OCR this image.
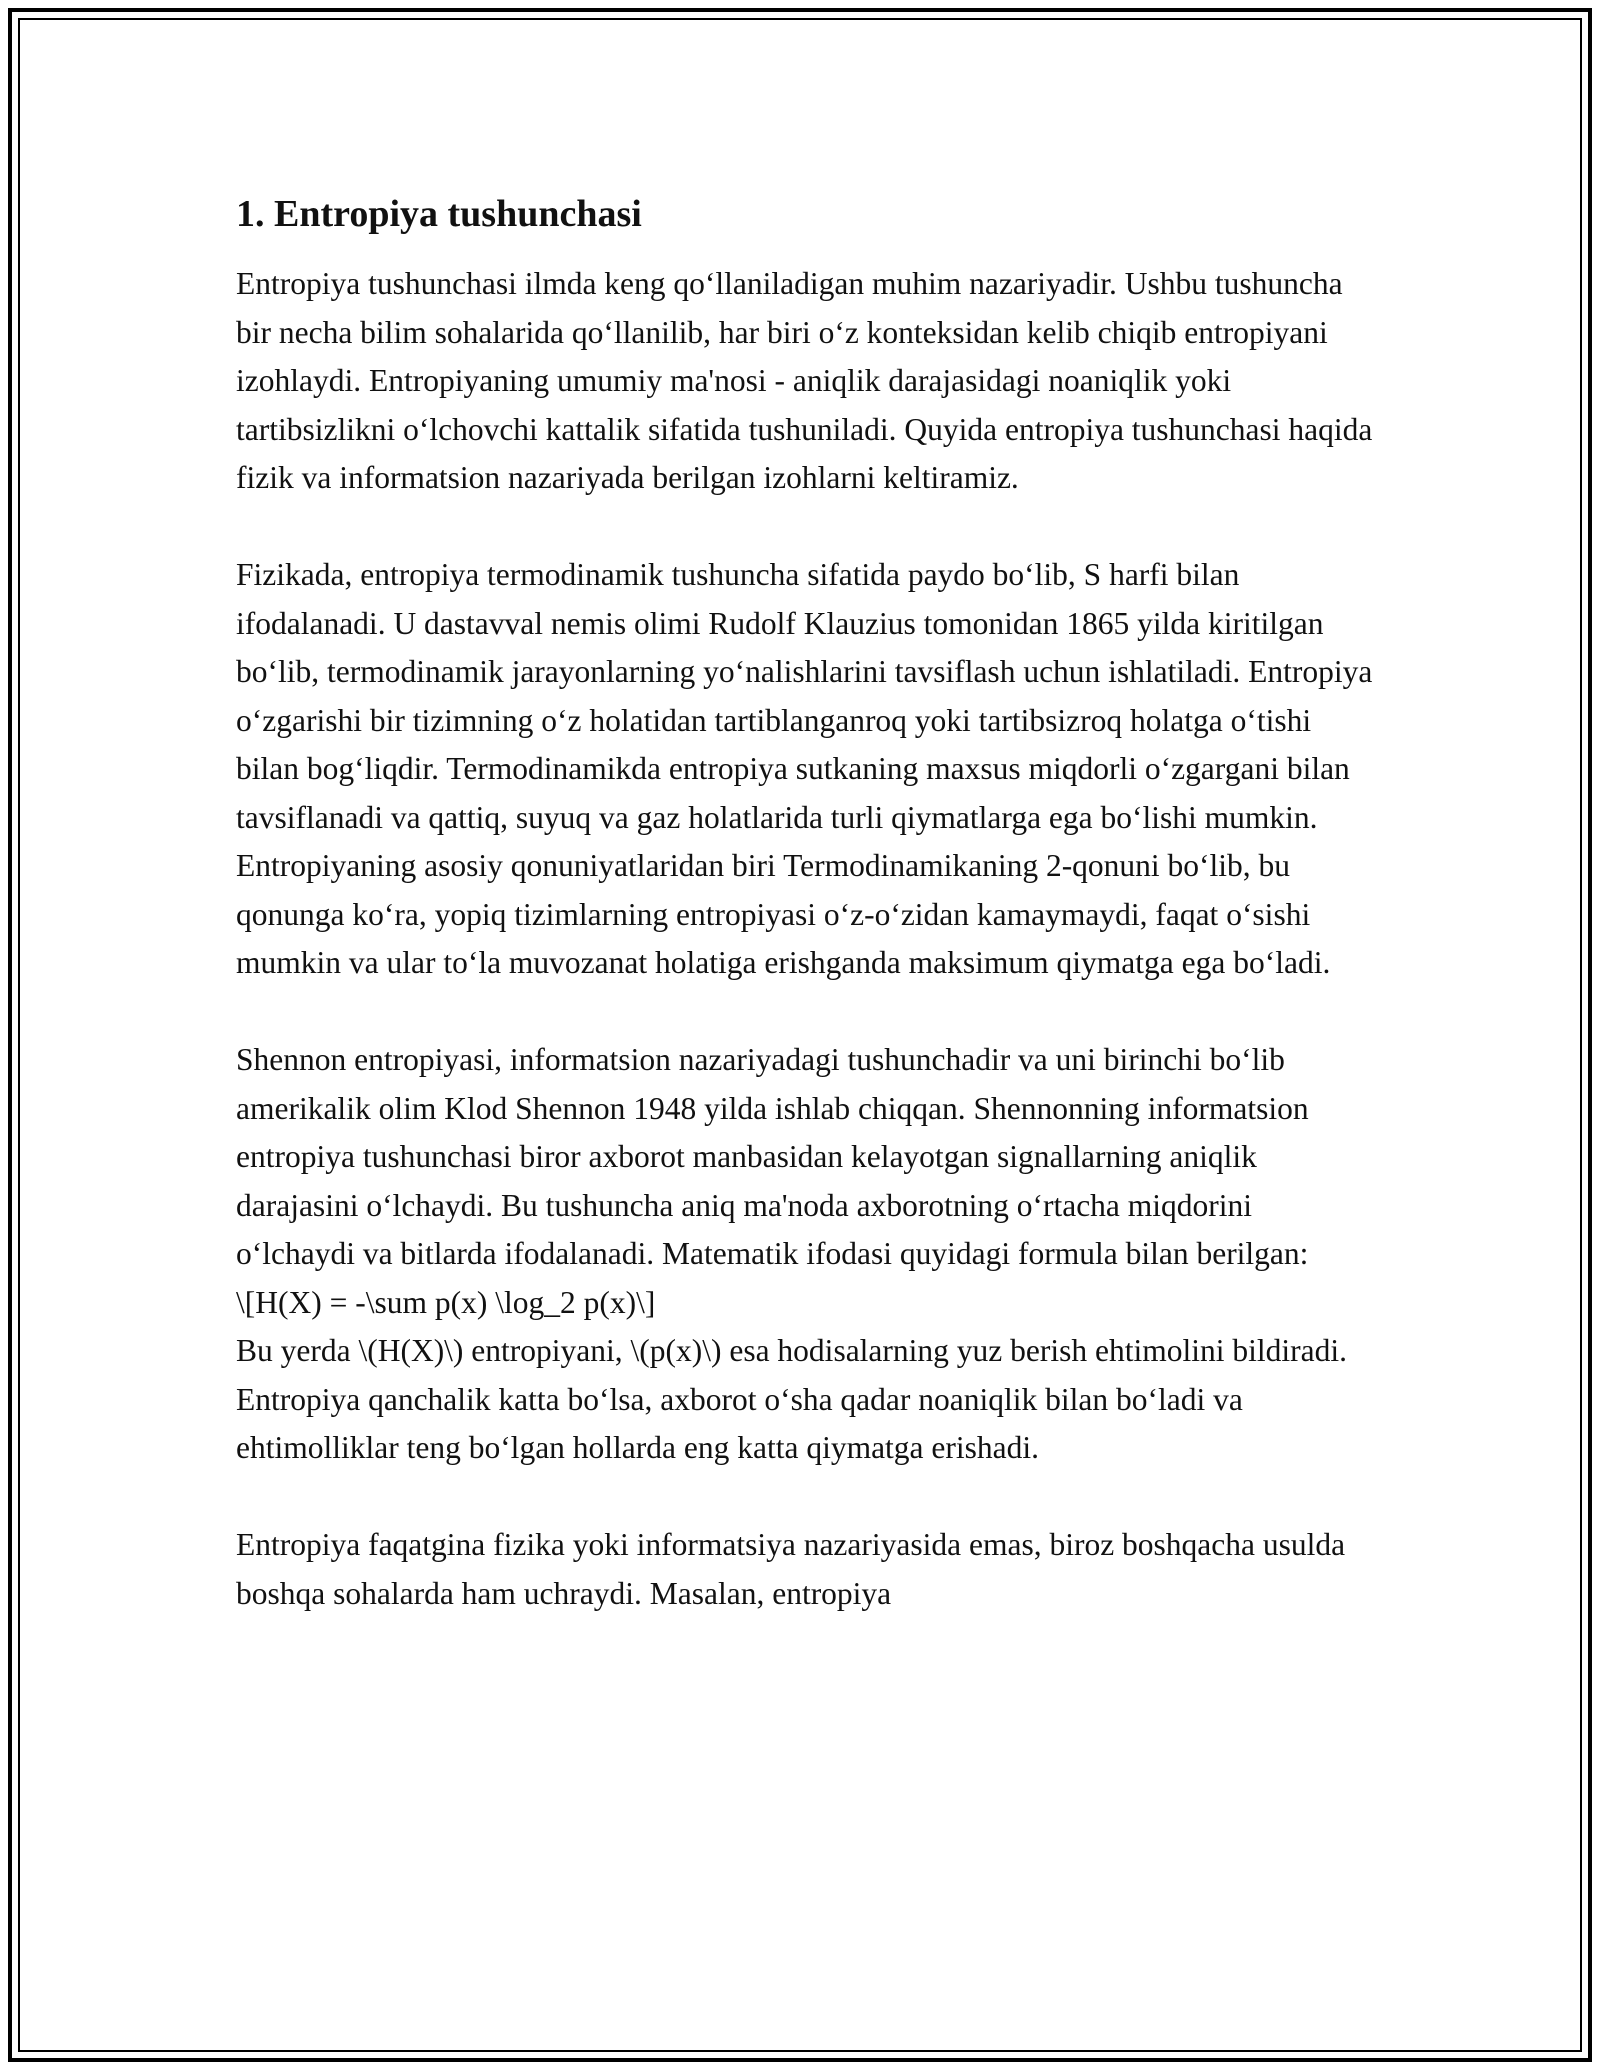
1. Entropiya tushunchasi

Entropiya tushunchasi ilmda keng qo‘llaniladigan muhim nazariyadir. Ushbu tushuncha bir necha bilim sohalarida qo‘llanilib, har biri o‘z konteksidan kelib chiqib entropiyani izohlaydi. Entropiyaning umumiy ma'nosi - aniqlik darajasidagi noaniqlik yoki tartibsizlikni o‘lchovchi kattalik sifatida tushuniladi. Quyida entropiya tushunchasi haqida fizik va informatsion nazariyada berilgan izohlarni keltiramiz.

Fizikada, entropiya termodinamik tushuncha sifatida paydo bo‘lib, S harfi bilan ifodalanadi. U dastavval nemis olimi Rudolf Klauzius tomonidan 1865 yilda kiritilgan bo‘lib, termodinamik jarayonlarning yo‘nalishlarini tavsiflash uchun ishlatiladi. Entropiya o‘zgarishi bir tizimning o‘z holatidan tartiblanganroq yoki tartibsizroq holatga o‘tishi bilan bog‘liqdir. Termodinamikda entropiya sutkaning maxsus miqdorli o‘zgargani bilan tavsiflanadi va qattiq, suyuq va gaz holatlarida turli qiymatlarga ega bo‘lishi mumkin. Entropiyaning asosiy qonuniyatlaridan biri Termodinamikaning 2-qonuni bo‘lib, bu qonunga ko‘ra, yopiq tizimlarning entropiyasi o‘z-o‘zidan kamaymaydi, faqat o‘sishi mumkin va ular to‘la muvozanat holatiga erishganda maksimum qiymatga ega bo‘ladi.

Shennon entropiyasi, informatsion nazariyadagi tushunchadir va uni birinchi bo‘lib amerikalik olim Klod Shennon 1948 yilda ishlab chiqqan. Shennonning informatsion entropiya tushunchasi biror axborot manbasidan kelayotgan signallarning aniqlik darajasini o‘lchaydi. Bu tushuncha aniq ma'noda axborotning o‘rtacha miqdorini o‘lchaydi va bitlarda ifodalanadi. Matematik ifodasi quyidagi formula bilan berilgan:
\[H(X) = -\sum p(x) \log_2 p(x)\]
Bu yerda \(H(X)\) entropiyani, \(p(x)\) esa hodisalarning yuz berish ehtimolini bildiradi. Entropiya qanchalik katta bo‘lsa, axborot o‘sha qadar noaniqlik bilan bo‘ladi va ehtimolliklar teng bo‘lgan hollarda eng katta qiymatga erishadi.

Entropiya faqatgina fizika yoki informatsiya nazariyasida emas, biroz boshqacha usulda boshqa sohalarda ham uchraydi. Masalan, entropiya
